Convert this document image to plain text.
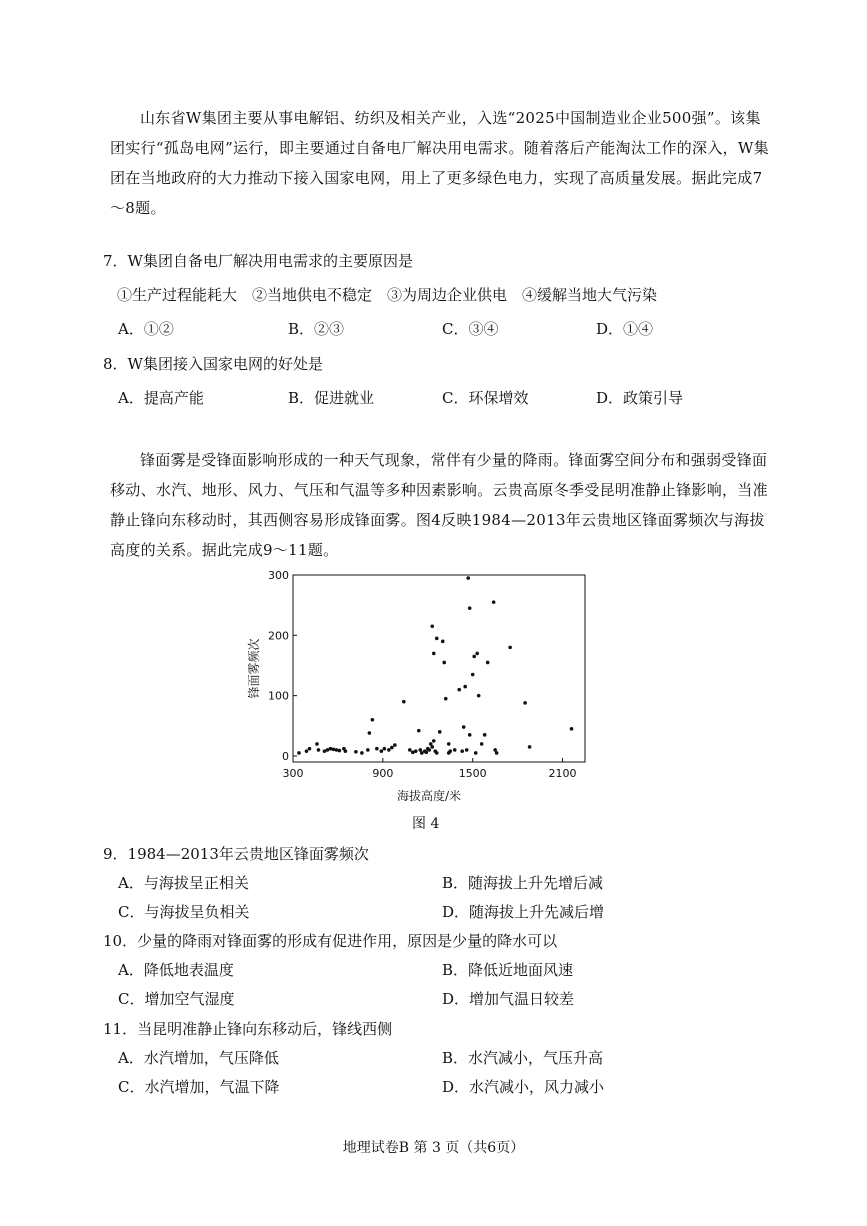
山东省W集团主要从事电解铝、纺织及相关产业，入选“2025中国制造业企业500强”。该集团实行“孤岛电网”运行，即主要通过自备电厂解决用电需求。随着落后产能淘汰工作的深入，W集团在当地政府的大力推动下接入国家电网，用上了更多绿色电力，实现了高质量发展。据此完成7～8题。

7．W集团自备电厂解决用电需求的主要原因是
①生产过程能耗大　②当地供电不稳定　③为周边企业供电　④缓解当地大气污染
A．①②	B．②③	C．③④	D．①④
8．W集团接入国家电网的好处是
A．提高产能	B．促进就业	C．环保增效	D．政策引导

锋面雾是受锋面影响形成的一种天气现象，常伴有少量的降雨。锋面雾空间分布和强弱受锋面移动、水汽、地形、风力、气压和气温等多种因素影响。云贵高原冬季受昆明准静止锋影响，当准静止锋向东移动时，其西侧容易形成锋面雾。图4反映1984—2013年云贵地区锋面雾频次与海拔高度的关系。据此完成9～11题。

300	900	1500	2100
0
100
200
300
海拔高度/米
锋面雾频次
图 4
9．1984—2013年云贵地区锋面雾频次
A．与海拔呈正相关	B．随海拔上升先增后减
C．与海拔呈负相关	D．随海拔上升先减后增
10．少量的降雨对锋面雾的形成有促进作用，原因是少量的降水可以
A．降低地表温度	B．降低近地面风速
C．增加空气湿度	D．增加气温日较差
11．当昆明准静止锋向东移动后，锋线西侧
A．水汽增加，气压降低	B．水汽减小，气压升高
C．水汽增加，气温下降	D．水汽减小，风力减小
地理试卷B 第 3 页（共6页）
